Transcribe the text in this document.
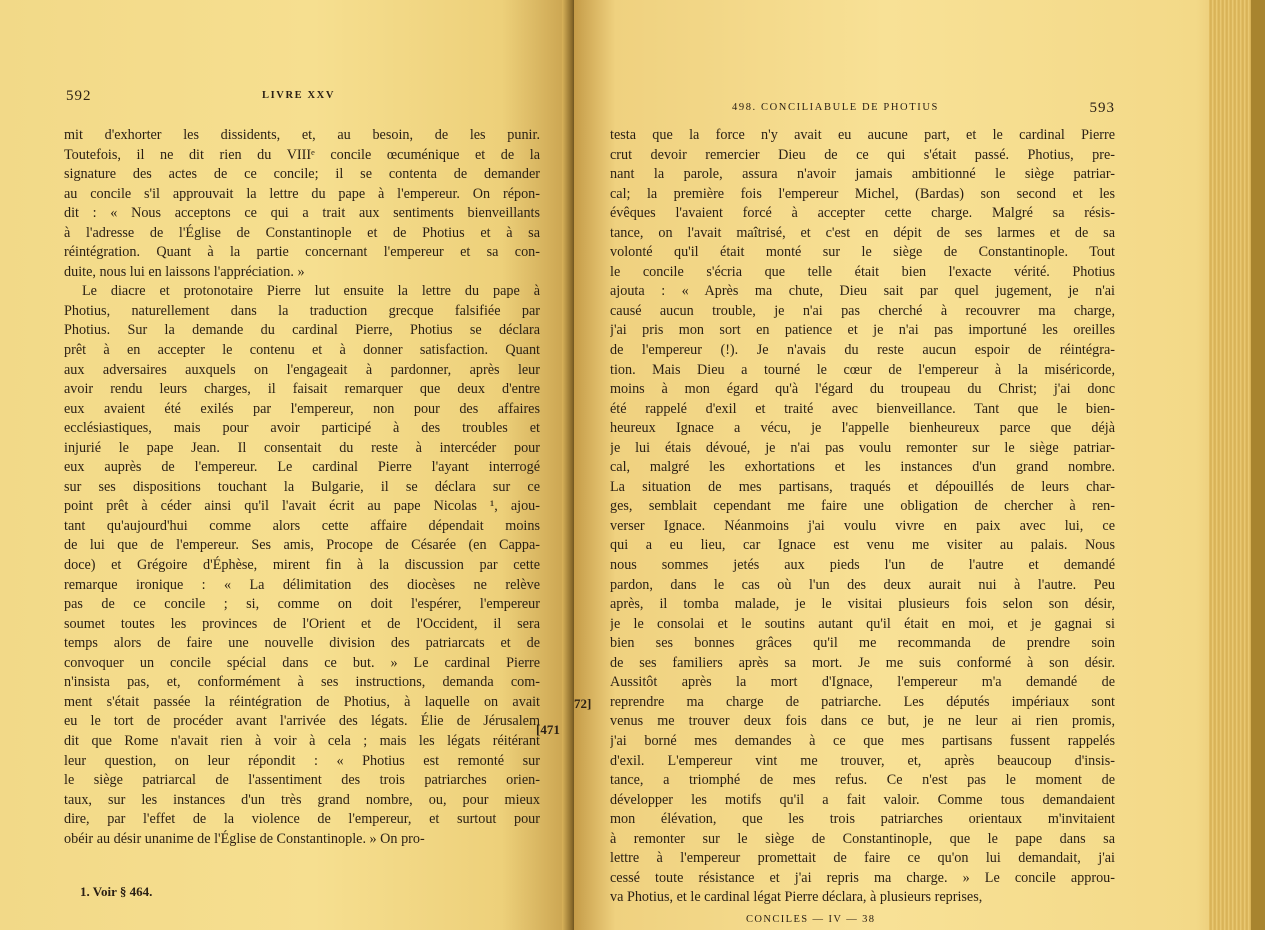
592	LIVRE XXV
mit d'exhorter les dissidents, et, au besoin, de les punir.
Toutefois, il ne dit rien du VIIIᵉ concile œcuménique et de la
signature des actes de ce concile; il se contenta de demander
au concile s'il approuvait la lettre du pape à l'empereur. On répon-
dit : « Nous acceptons ce qui a trait aux sentiments bienveillants
à l'adresse de l'Église de Constantinople et de Photius et à sa
réintégration. Quant à la partie concernant l'empereur et sa con-
duite, nous lui en laissons l'appréciation. »
Le diacre et protonotaire Pierre lut ensuite la lettre du pape à
Photius, naturellement dans la traduction grecque falsifiée par
Photius. Sur la demande du cardinal Pierre, Photius se déclara
prêt à en accepter le contenu et à donner satisfaction. Quant
aux adversaires auxquels on l'engageait à pardonner, après leur
avoir rendu leurs charges, il faisait remarquer que deux d'entre
eux avaient été exilés par l'empereur, non pour des affaires
ecclésiastiques, mais pour avoir participé à des troubles et
injurié le pape Jean. Il consentait du reste à intercéder pour
eux auprès de l'empereur. Le cardinal Pierre l'ayant interrogé
sur ses dispositions touchant la Bulgarie, il se déclara sur ce
point prêt à céder ainsi qu'il l'avait écrit au pape Nicolas ¹, ajou-
tant qu'aujourd'hui comme alors cette affaire dépendait moins
de lui que de l'empereur. Ses amis, Procope de Césarée (en Cappa-
doce) et Grégoire d'Éphèse, mirent fin à la discussion par cette
remarque ironique : « La délimitation des diocèses ne relève
pas de ce concile ; si, comme on doit l'espérer, l'empereur
soumet toutes les provinces de l'Orient et de l'Occident, il sera
temps alors de faire une nouvelle division des patriarcats et de
convoquer un concile spécial dans ce but. » Le cardinal Pierre
n'insista pas, et, conformément à ses instructions, demanda com-
ment s'était passée la réintégration de Photius, à laquelle on avait
eu le tort de procéder avant l'arrivée des légats. Élie de Jérusalem
dit que Rome n'avait rien à voir à cela ; mais les légats réitérant
leur question, on leur répondit : « Photius est remonté sur
le siège patriarcal de l'assentiment des trois patriarches orien-
taux, sur les instances d'un très grand nombre, ou, pour mieux
dire, par l'effet de la violence de l'empereur, et surtout pour
obéir au désir unanime de l'Église de Constantinople. » On pro-
1. Voir § 464.
[471
498. CONCILIABULE DE PHOTIUS	593
testa que la force n'y avait eu aucune part, et le cardinal Pierre
crut devoir remercier Dieu de ce qui s'était passé. Photius, pre-
nant la parole, assura n'avoir jamais ambitionné le siège patriar-
cal; la première fois l'empereur Michel, (Bardas) son second et les
évêques l'avaient forcé à accepter cette charge. Malgré sa résis-
tance, on l'avait maîtrisé, et c'est en dépit de ses larmes et de sa
volonté qu'il était monté sur le siège de Constantinople. Tout
le concile s'écria que telle était bien l'exacte vérité. Photius
ajouta : « Après ma chute, Dieu sait par quel jugement, je n'ai
causé aucun trouble, je n'ai pas cherché à recouvrer ma charge,
j'ai pris mon sort en patience et je n'ai pas importuné les oreilles
de l'empereur (!). Je n'avais du reste aucun espoir de réintégra-
tion. Mais Dieu a tourné le cœur de l'empereur à la miséricorde,
moins à mon égard qu'à l'égard du troupeau du Christ; j'ai donc
été rappelé d'exil et traité avec bienveillance. Tant que le bien-
heureux Ignace a vécu, je l'appelle bienheureux parce que déjà
je lui étais dévoué, je n'ai pas voulu remonter sur le siège patriar-
cal, malgré les exhortations et les instances d'un grand nombre.
La situation de mes partisans, traqués et dépouillés de leurs char-
ges, semblait cependant me faire une obligation de chercher à ren-
verser Ignace. Néanmoins j'ai voulu vivre en paix avec lui, ce
qui a eu lieu, car Ignace est venu me visiter au palais. Nous
nous sommes jetés aux pieds l'un de l'autre et demandé
pardon, dans le cas où l'un des deux aurait nui à l'autre. Peu
après, il tomba malade, je le visitai plusieurs fois selon son désir,
je le consolai et le soutins autant qu'il était en moi, et je gagnai si
bien ses bonnes grâces qu'il me recommanda de prendre soin
de ses familiers après sa mort. Je me suis conformé à son désir.
Aussitôt après la mort d'Ignace, l'empereur m'a demandé de
reprendre ma charge de patriarche. Les députés impériaux sont
venus me trouver deux fois dans ce but, je ne leur ai rien promis,
j'ai borné mes demandes à ce que mes partisans fussent rappelés
d'exil. L'empereur vint me trouver, et, après beaucoup d'insis-
tance, a triomphé de mes refus. Ce n'est pas le moment de
développer les motifs qu'il a fait valoir. Comme tous demandaient
mon élévation, que les trois patriarches orientaux m'invitaient
à remonter sur le siège de Constantinople, que le pape dans sa
lettre à l'empereur promettait de faire ce qu'on lui demandait, j'ai
cessé toute résistance et j'ai repris ma charge. » Le concile approu-
va Photius, et le cardinal légat Pierre déclara, à plusieurs reprises,
CONCILES — IV — 38
72]
